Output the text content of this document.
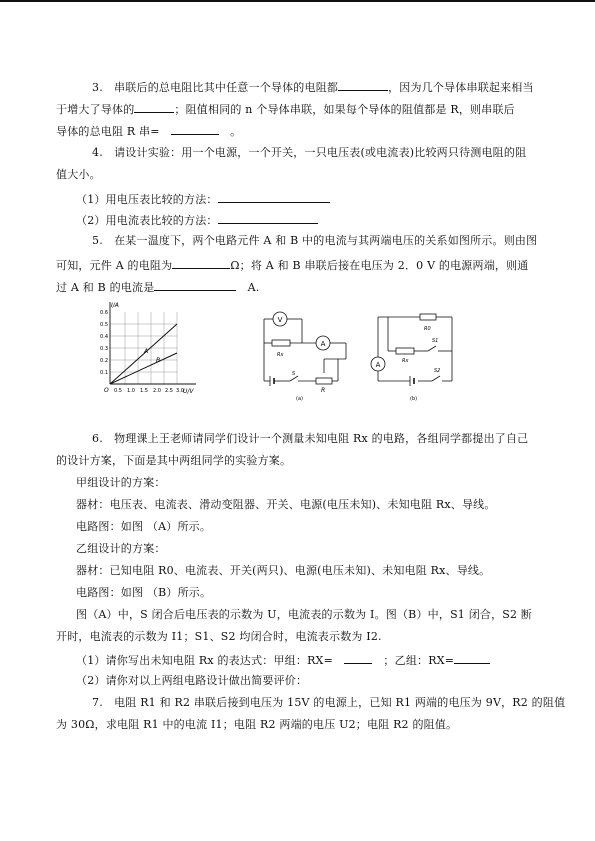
3.　串联后的总电阻比其中任意一个导体的电阻都	，因为几个导体串联起来相当
于增大了导体的	；阻值相同的 n 个导体串联，如果每个导体的阻值都是 R，则串联后
导体的总电阻 R 串=　　	。
4.　请设计实验：用一个电源，一个开关，一只电压表(或电流表)比较两只待测电阻的阻
值大小。
（1）用电压表比较的方法：
（2）用电流表比较的方法：
5.　在某一温度下，两个电路元件 A 和 B 中的电流与其两端电压的关系如图所示。则由图
可知，元件 A 的电阻为	Ω；将 A 和 B 串联后接在电压为 2．0 V 的电源两端，则通
过 A 和 B 的电流是　	A.
I/A
U/V
O
A
B
0.6
0.5
0.4
0.3
0.2
0.1
0.5 1.0 1.5 2.0 2.5 3.0
V
Rx
A
S
R
(a)
R0
Rx
S1
A
S2
(b)
6.　物理课上王老师请同学们设计一个测量未知电阻 Rx 的电路，各组同学都提出了自己
的设计方案，下面是其中两组同学的实验方案。
甲组设计的方案：
器材：电压表、电流表、滑动变阻器、开关、电源(电压未知)、未知电阻 Rx、导线。
电路图：如图 （A）所示。
乙组设计的方案：
器材：已知电阻 R0、电流表、开关(两只)、电源(电压未知)、未知电阻 Rx、导线。
电路图：如图 （B）所示。
图（A）中，S 闭合后电压表的示数为 U，电流表的示数为 I。图（B）中，S1 闭合，S2 断
开时，电流表的示数为 I1；S1、S2 均闭合时，电流表示数为 I2.
（1）请你写出未知电阻 Rx 的表达式：甲组：RX=　　	；乙组：RX=
（2）请你对以上两组电路设计做出简要评价：
7.　电阻 R1 和 R2 串联后接到电压为 15V 的电源上，已知 R1 两端的电压为 9V，R2 的阻值
为 30Ω，求电阻 R1 中的电流 I1；电阻 R2 两端的电压 U2；电阻 R2 的阻值。
